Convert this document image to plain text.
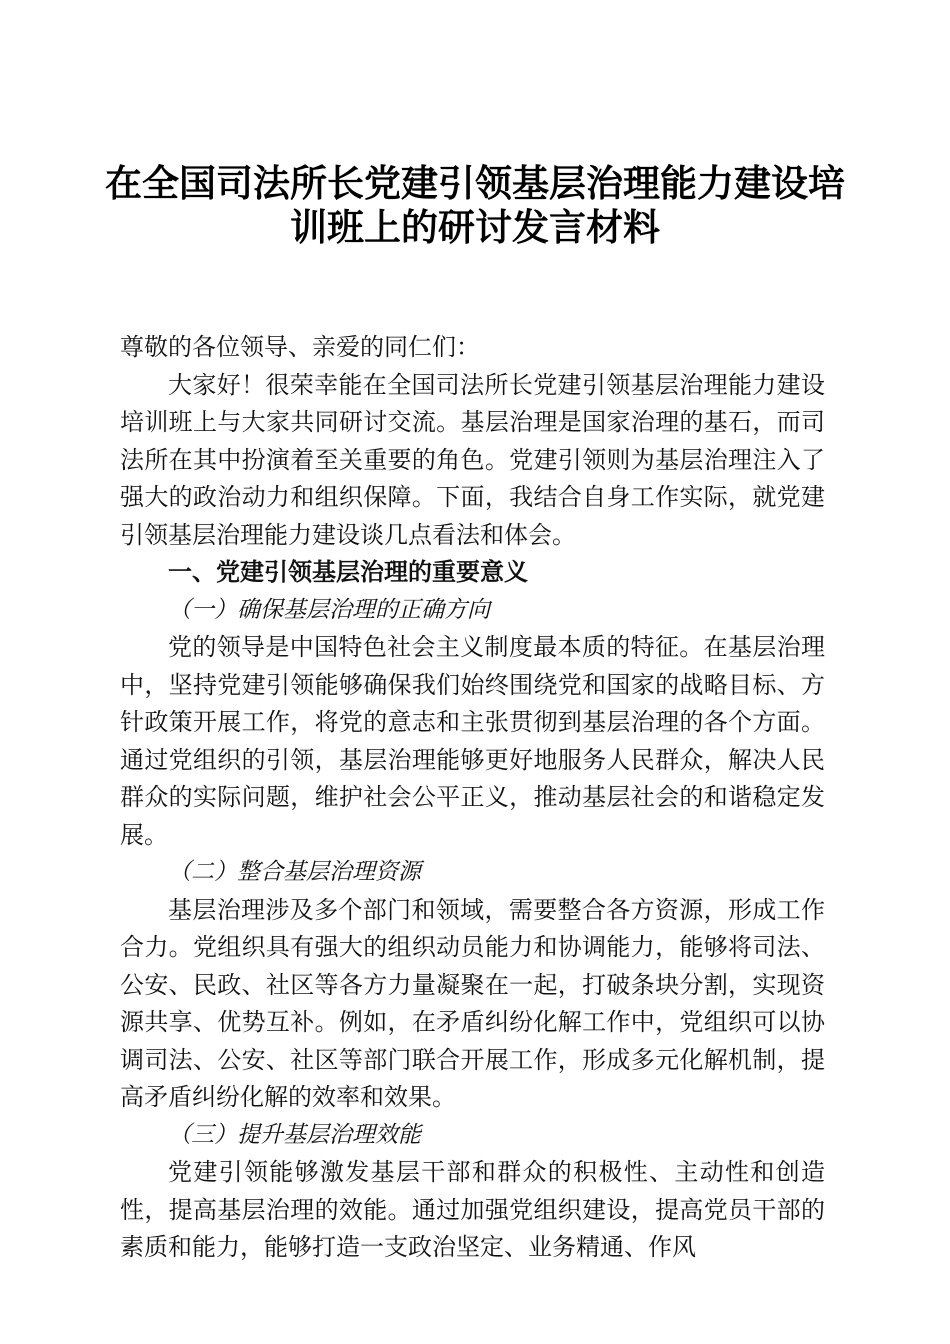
在全国司法所长党建引领基层治理能力建设培
训班上的研讨发言材料

尊敬的各位领导、亲爱的同仁们：

大家好！很荣幸能在全国司法所长党建引领基层治理能力建设培训班上与大家共同研讨交流。基层治理是国家治理的基石，而司法所在其中扮演着至关重要的角色。党建引领则为基层治理注入了强大的政治动力和组织保障。下面，我结合自身工作实际，就党建引领基层治理能力建设谈几点看法和体会。

一、党建引领基层治理的重要意义

（一）确保基层治理的正确方向

党的领导是中国特色社会主义制度最本质的特征。在基层治理中，坚持党建引领能够确保我们始终围绕党和国家的战略目标、方针政策开展工作，将党的意志和主张贯彻到基层治理的各个方面。通过党组织的引领，基层治理能够更好地服务人民群众，解决人民群众的实际问题，维护社会公平正义，推动基层社会的和谐稳定发展。

（二）整合基层治理资源

基层治理涉及多个部门和领域，需要整合各方资源，形成工作合力。党组织具有强大的组织动员能力和协调能力，能够将司法、公安、民政、社区等各方力量凝聚在一起，打破条块分割，实现资源共享、优势互补。例如，在矛盾纠纷化解工作中，党组织可以协调司法、公安、社区等部门联合开展工作，形成多元化解机制，提高矛盾纠纷化解的效率和效果。

（三）提升基层治理效能

党建引领能够激发基层干部和群众的积极性、主动性和创造性，提高基层治理的效能。通过加强党组织建设，提高党员干部的素质和能力，能够打造一支政治坚定、业务精通、作风
